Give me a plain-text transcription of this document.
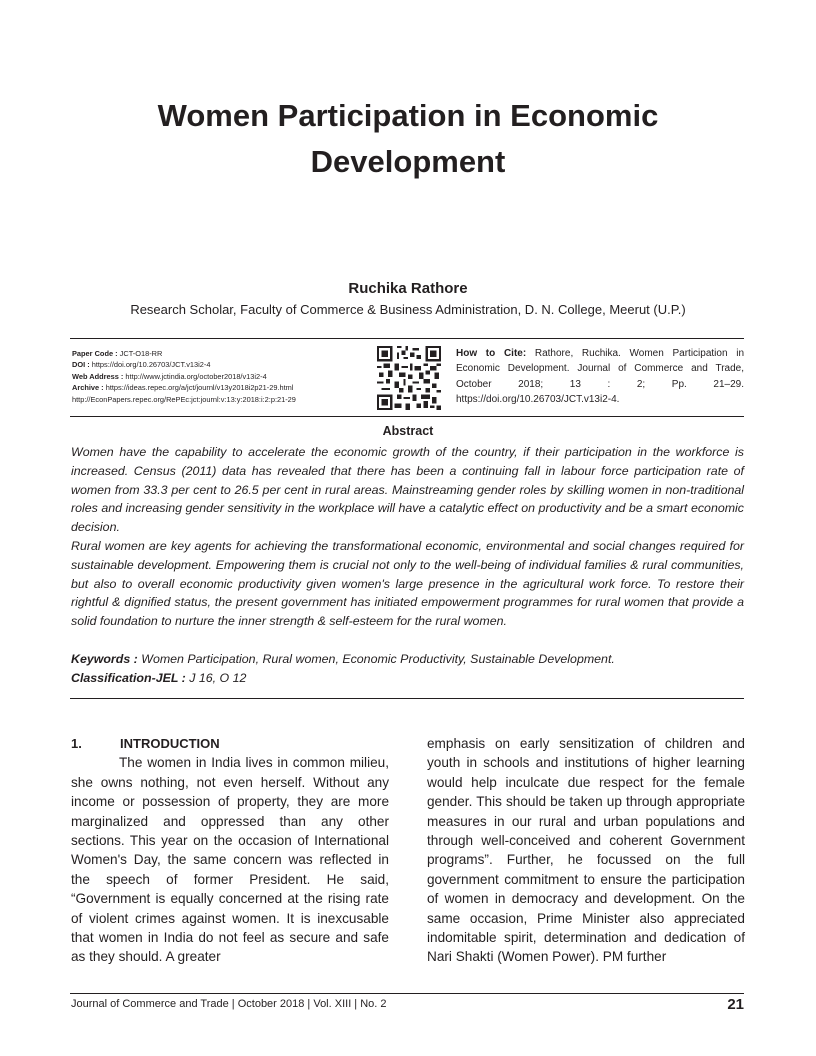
Women Participation in Economic
Development
Ruchika Rathore
Research Scholar, Faculty of Commerce & Business Administration, D. N. College, Meerut (U.P.)
Paper Code : JCT-O18-RR
DOI : https://doi.org/10.26703/JCT.v13i2-4
Web Address : http://www.jctindia.org/october2018/v13i2-4
Archive : https://ideas.repec.org/a/jct/journl/v13y2018i2p21-29.html
http://EconPapers.repec.org/RePEc:jct:journl:v:13:y:2018:i:2:p:21-29
How to Cite: Rathore, Ruchika. Women Participation in Economic Development. Journal of Commerce and Trade, October 2018; 13 : 2; Pp. 21–29. https://doi.org/10.26703/JCT.v13i2-4.
Abstract

Women have the capability to accelerate the economic growth of the country, if their participation in the workforce is increased. Census (2011) data has revealed that there has been a continuing fall in labour force participation rate of women from 33.3 per cent to 26.5 per cent in rural areas. Mainstreaming gender roles by skilling women in non-traditional roles and increasing gender sensitivity in the workplace will have a catalytic effect on productivity and be a smart economic decision.

Rural women are key agents for achieving the transformational economic, environmental and social changes required for sustainable development. Empowering them is crucial not only to the well-being of individual families & rural communities, but also to overall economic productivity given women's large presence in the agricultural work force. To restore their rightful & dignified status, the present government has initiated empowerment programmes for rural women that provide a solid foundation to nurture the inner strength & self-esteem for the rural women.

Keywords : Women Participation, Rural women, Economic Productivity, Sustainable Development.
Classification-JEL : J 16, O 12
1.	INTRODUCTION

The women in India lives in common milieu, she owns nothing, not even herself. Without any income or possession of property, they are more marginalized and oppressed than any other sections. This year on the occasion of International Women's Day, the same concern was reflected in the speech of former President. He said, “Government is equally concerned at the rising rate of violent crimes against women. It is inexcusable that women in India do not feel as secure and safe as they should. A greater

emphasis on early sensitization of children and youth in schools and institutions of higher learning would help inculcate due respect for the female gender. This should be taken up through appropriate measures in our rural and urban populations and through well-conceived and coherent Government programs”. Further, he focussed on the full government commitment to ensure the participation of women in democracy and development. On the same occasion, Prime Minister also appreciated indomitable spirit, determination and dedication of Nari Shakti (Women Power). PM further

Journal of Commerce and Trade | October 2018 | Vol. XIII | No. 2	21
